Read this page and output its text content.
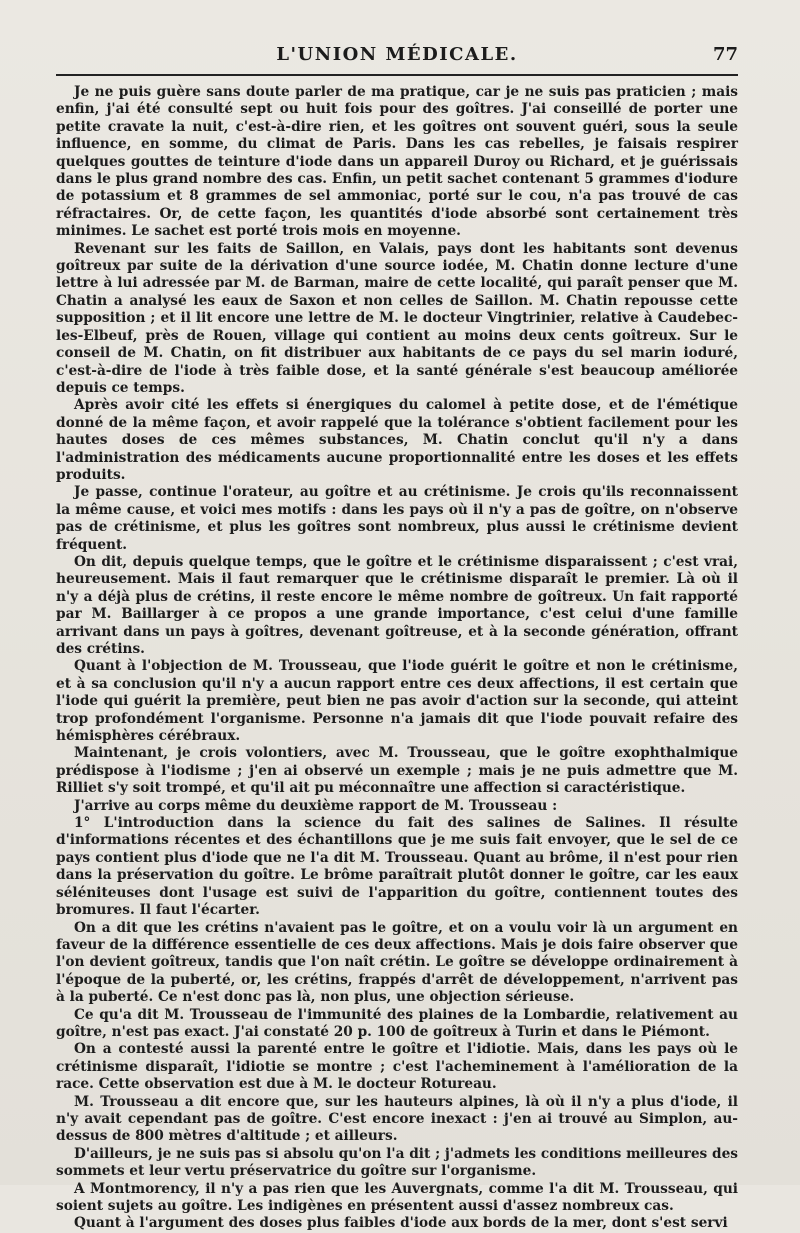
L'UNION MÉDICALE.	77

Je ne puis guère sans doute parler de ma pratique, car je ne suis pas praticien ; mais enfin, j'ai été consulté sept ou huit fois pour des goîtres. J'ai conseillé de porter une petite cravate la nuit, c'est-à-dire rien, et les goîtres ont souvent guéri, sous la seule influence, en somme, du climat de Paris. Dans les cas rebelles, je faisais respirer quelques gouttes de teinture d'iode dans un appareil Duroy ou Richard, et je guérissais dans le plus grand nombre des cas. Enfin, un petit sachet contenant 5 grammes d'iodure de potassium et 8 grammes de sel ammoniac, porté sur le cou, n'a pas trouvé de cas réfractaires. Or, de cette façon, les quantités d'iode absorbé sont certainement très minimes. Le sachet est porté trois mois en moyenne.

Revenant sur les faits de Saillon, en Valais, pays dont les habitants sont devenus goîtreux par suite de la dérivation d'une source iodée, M. Chatin donne lecture d'une lettre à lui adressée par M. de Barman, maire de cette localité, qui paraît penser que M. Chatin a analysé les eaux de Saxon et non celles de Saillon. M. Chatin repousse cette supposition ; et il lit encore une lettre de M. le docteur Vingtrinier, relative à Caudebec-les-Elbeuf, près de Rouen, village qui contient au moins deux cents goîtreux. Sur le conseil de M. Chatin, on fit distribuer aux habitants de ce pays du sel marin ioduré, c'est-à-dire de l'iode à très faible dose, et la santé générale s'est beaucoup améliorée depuis ce temps.

Après avoir cité les effets si énergiques du calomel à petite dose, et de l'émétique donné de la même façon, et avoir rappelé que la tolérance s'obtient facilement pour les hautes doses de ces mêmes substances, M. Chatin conclut qu'il n'y a dans l'administration des médicaments aucune proportionnalité entre les doses et les effets produits.

Je passe, continue l'orateur, au goître et au crétinisme. Je crois qu'ils reconnaissent la même cause, et voici mes motifs : dans les pays où il n'y a pas de goître, on n'observe pas de crétinisme, et plus les goîtres sont nombreux, plus aussi le crétinisme devient fréquent.

On dit, depuis quelque temps, que le goître et le crétinisme disparaissent ; c'est vrai, heureusement. Mais il faut remarquer que le crétinisme disparaît le premier. Là où il n'y a déjà plus de crétins, il reste encore le même nombre de goîtreux. Un fait rapporté par M. Baillarger à ce propos a une grande importance, c'est celui d'une famille arrivant dans un pays à goîtres, devenant goîtreuse, et à la seconde génération, offrant des crétins.

Quant à l'objection de M. Trousseau, que l'iode guérit le goître et non le crétinisme, et à sa conclusion qu'il n'y a aucun rapport entre ces deux affections, il est certain que l'iode qui guérit la première, peut bien ne pas avoir d'action sur la seconde, qui atteint trop profondément l'organisme. Personne n'a jamais dit que l'iode pouvait refaire des hémisphères cérébraux.

Maintenant, je crois volontiers, avec M. Trousseau, que le goître exophthalmique prédispose à l'iodisme ; j'en ai observé un exemple ; mais je ne puis admettre que M. Rilliet s'y soit trompé, et qu'il ait pu méconnaître une affection si caractéristique.

J'arrive au corps même du deuxième rapport de M. Trousseau :

1° L'introduction dans la science du fait des salines de Salines. Il résulte d'informations récentes et des échantillons que je me suis fait envoyer, que le sel de ce pays contient plus d'iode que ne l'a dit M. Trousseau. Quant au brôme, il n'est pour rien dans la préservation du goître. Le brôme paraîtrait plutôt donner le goître, car les eaux séléniteuses dont l'usage est suivi de l'apparition du goître, contiennent toutes des bromures. Il faut l'écarter.

On a dit que les crétins n'avaient pas le goître, et on a voulu voir là un argument en faveur de la différence essentielle de ces deux affections. Mais je dois faire observer que l'on devient goîtreux, tandis que l'on naît crétin. Le goître se développe ordinairement à l'époque de la puberté, or, les crétins, frappés d'arrêt de développement, n'arrivent pas à la puberté. Ce n'est donc pas là, non plus, une objection sérieuse.

Ce qu'a dit M. Trousseau de l'immunité des plaines de la Lombardie, relativement au goître, n'est pas exact. J'ai constaté 20 p. 100 de goîtreux à Turin et dans le Piémont.

On a contesté aussi la parenté entre le goître et l'idiotie. Mais, dans les pays où le crétinisme disparaît, l'idiotie se montre ; c'est l'acheminement à l'amélioration de la race. Cette observation est due à M. le docteur Rotureau.

M. Trousseau a dit encore que, sur les hauteurs alpines, là où il n'y a plus d'iode, il n'y avait cependant pas de goître. C'est encore inexact : j'en ai trouvé au Simplon, au-dessus de 800 mètres d'altitude ; et ailleurs.

D'ailleurs, je ne suis pas si absolu qu'on l'a dit ; j'admets les conditions meilleures des sommets et leur vertu préservatrice du goître sur l'organisme.

A Montmorency, il n'y a pas rien que les Auvergnats, comme l'a dit M. Trousseau, qui soient sujets au goître. Les indigènes en présentent aussi d'assez nombreux cas.

Quant à l'argument des doses plus faibles d'iode aux bords de la mer, dont s'est servi
